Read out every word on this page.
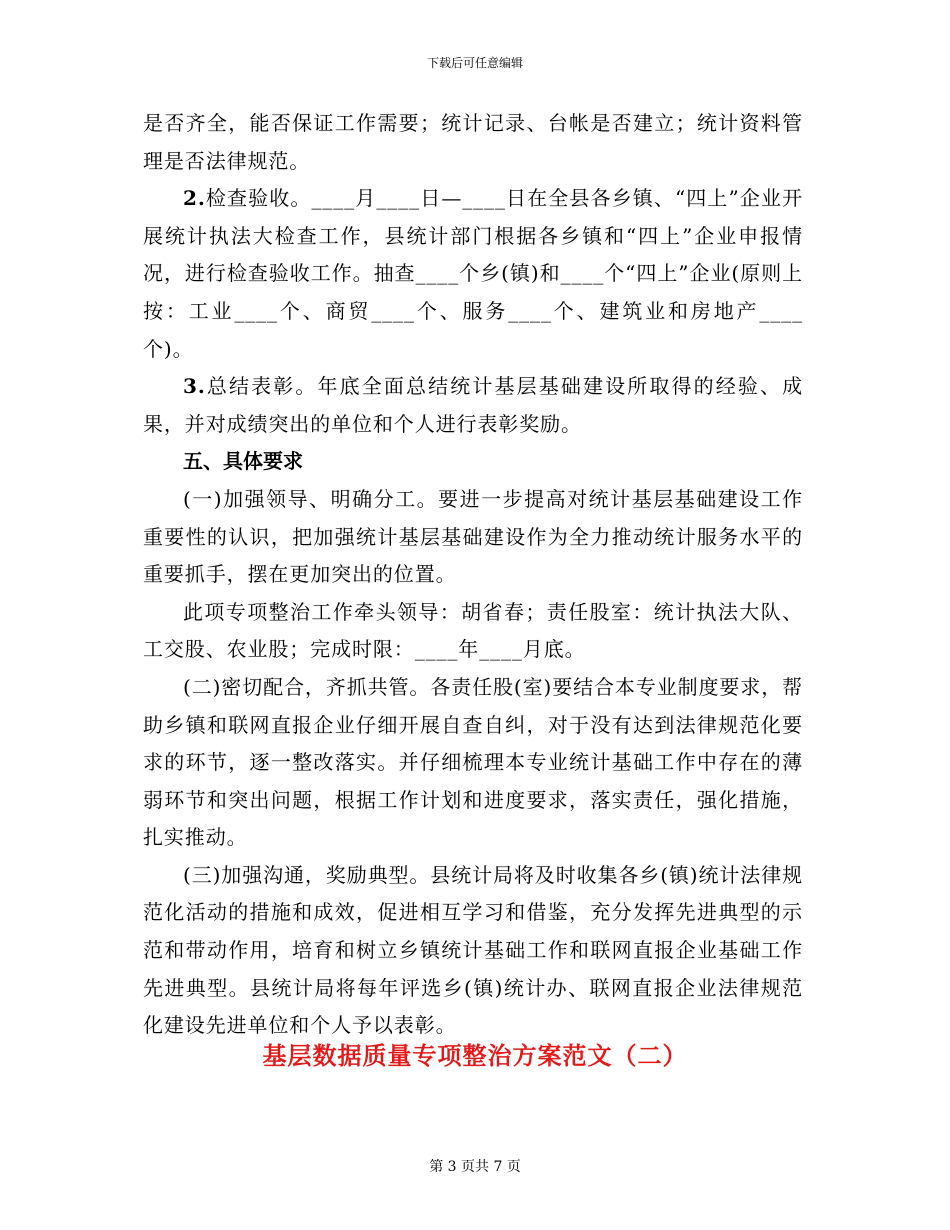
下载后可任意编辑

是否齐全，能否保证工作需要；统计记录、台帐是否建立；统计资料管理是否法律规范。

2.检查验收。____月____日—____日在全县各乡镇、“四上”企业开展统计执法大检查工作，县统计部门根据各乡镇和“四上”企业申报情况，进行检查验收工作。抽查____个乡(镇)和____个“四上”企业(原则上按：工业____个、商贸____个、服务____个、建筑业和房地产____个)。

3.总结表彰。年底全面总结统计基层基础建设所取得的经验、成果，并对成绩突出的单位和个人进行表彰奖励。

五、具体要求

(一)加强领导、明确分工。要进一步提高对统计基层基础建设工作重要性的认识，把加强统计基层基础建设作为全力推动统计服务水平的重要抓手，摆在更加突出的位置。

此项专项整治工作牵头领导：胡省春；责任股室：统计执法大队、工交股、农业股；完成时限：____年____月底。

(二)密切配合，齐抓共管。各责任股(室)要结合本专业制度要求，帮助乡镇和联网直报企业仔细开展自查自纠，对于没有达到法律规范化要求的环节，逐一整改落实。并仔细梳理本专业统计基础工作中存在的薄弱环节和突出问题，根据工作计划和进度要求，落实责任，强化措施，扎实推动。

(三)加强沟通，奖励典型。县统计局将及时收集各乡(镇)统计法律规范化活动的措施和成效，促进相互学习和借鉴，充分发挥先进典型的示范和带动作用，培育和树立乡镇统计基础工作和联网直报企业基础工作先进典型。县统计局将每年评选乡(镇)统计办、联网直报企业法律规范化建设先进单位和个人予以表彰。

基层数据质量专项整治方案范文（二）
第 3 页共 7 页
